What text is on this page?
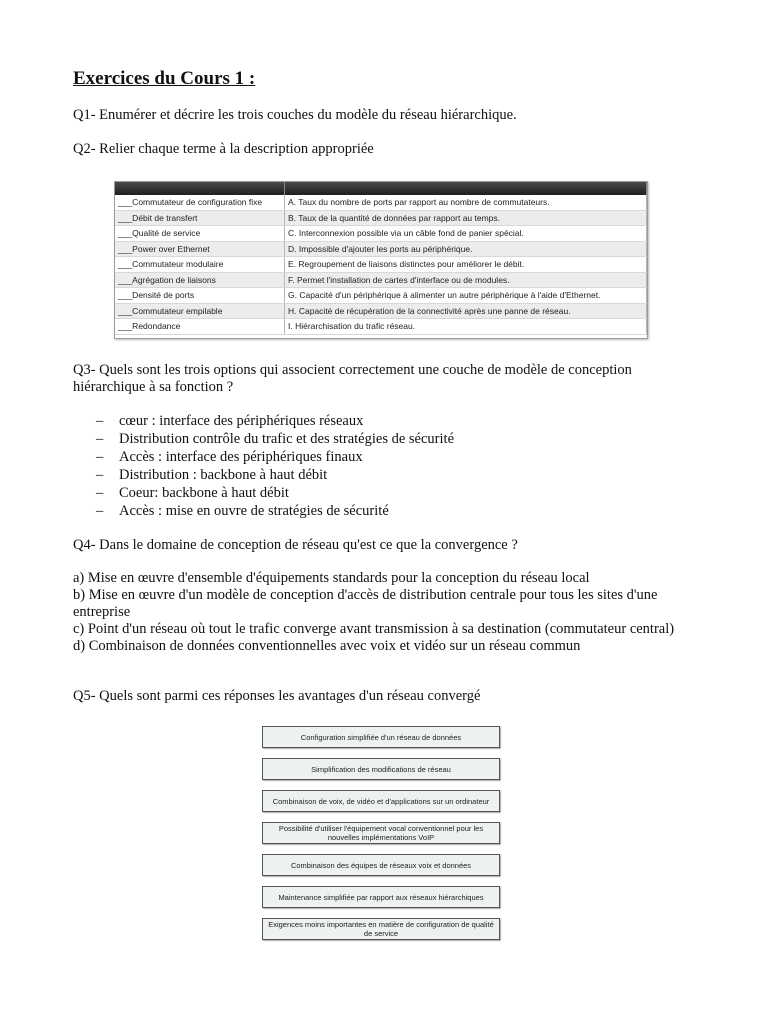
Exercices du Cours 1 :

Q1- Enumérer et décrire les trois couches du modèle du réseau hiérarchique.

Q2- Relier chaque terme à la description appropriée

___Commutateur de configuration fixe	A. Taux du nombre de ports par rapport au nombre de commutateurs.
___Débit de transfert	B. Taux de la quantité de données par rapport au temps.
___Qualité de service	C. Interconnexion possible via un câble fond de panier spécial.
___Power over Ethernet	D. Impossible d'ajouter les ports au périphérique.
___Commutateur modulaire	E. Regroupement de liaisons distinctes pour améliorer le débit.
___Agrégation de liaisons	F. Permet l'installation de cartes d'interface ou de modules.
___Densité de ports	G. Capacité d'un périphérique à alimenter un autre périphérique à l'aide d'Ethernet.
___Commutateur empilable	H. Capacité de récupération de la connectivité après une panne de réseau.
___Redondance	I. Hiérarchisation du trafic réseau.

Q3- Quels sont les trois options qui associent correctement une couche de modèle de conception hiérarchique à sa fonction ?

–	cœur : interface des périphériques réseaux
–	Distribution contrôle du trafic et des stratégies de sécurité
–	Accès : interface des périphériques finaux
–	Distribution : backbone à haut débit
–	Coeur: backbone à haut débit
–	Accès : mise en ouvre de stratégies de sécurité

Q4- Dans le domaine de conception de réseau qu'est ce que la convergence ?

a) Mise en œuvre d'ensemble d'équipements standards pour la conception du réseau local
b) Mise en œuvre d'un modèle de conception d'accès de distribution centrale pour tous les sites d'une entreprise
c) Point d'un réseau où tout le trafic converge avant transmission à sa destination (commutateur central)
d) Combinaison de données conventionnelles avec voix et vidéo sur un réseau commun

Q5- Quels sont parmi ces réponses les avantages d'un réseau convergé

Configuration simplifiée d'un réseau de données
Simplification des modifications de réseau
Combinaison de voix, de vidéo et d'applications sur un ordinateur
Possibilité d'utiliser l'équipement vocal conventionnel pour les nouvelles implémentations VoIP
Combinaison des équipes de réseaux voix et données
Maintenance simplifiée par rapport aux réseaux hiérarchiques
Exigences moins importantes en matière de configuration de qualité de service
